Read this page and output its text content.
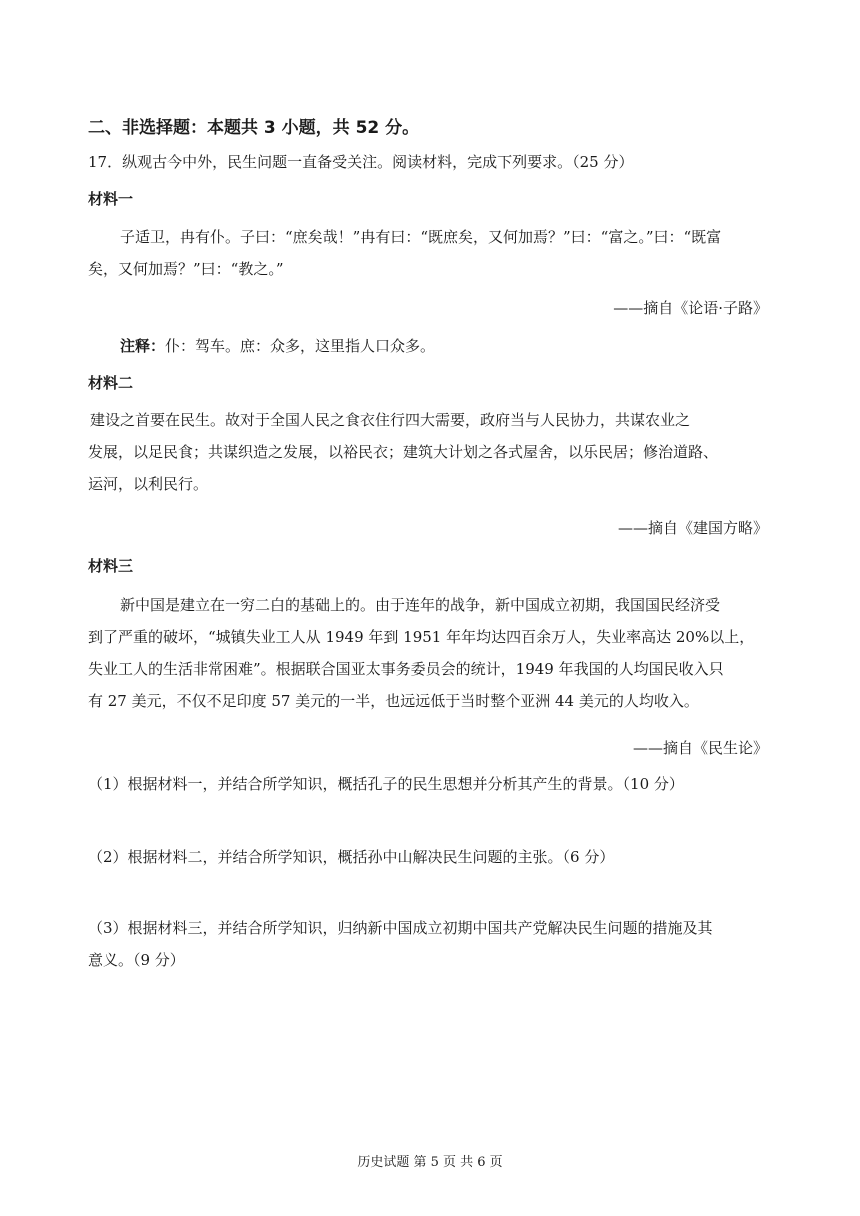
二、非选择题：本题共 3 小题，共 52 分。
17．纵观古今中外，民生问题一直备受关注。阅读材料，完成下列要求。（25 分）
材料一
子适卫，冉有仆。子曰：“庶矣哉！”冉有曰：“既庶矣，又何加焉？”曰：“富之。”曰：“既富
矣，又何加焉？”曰：“教之。”
——摘自《论语·子路》
注释：仆：驾车。庶：众多，这里指人口众多。
材料二
建设之首要在民生。故对于全国人民之食衣住行四大需要，政府当与人民协力，共谋农业之
发展，以足民食；共谋织造之发展，以裕民衣；建筑大计划之各式屋舍，以乐民居；修治道路、
运河，以利民行。
——摘自《建国方略》
材料三
新中国是建立在一穷二白的基础上的。由于连年的战争，新中国成立初期，我国国民经济受
到了严重的破坏，“城镇失业工人从 1949 年到 1951 年年均达四百余万人，失业率高达 20%以上，
失业工人的生活非常困难”。根据联合国亚太事务委员会的统计，1949 年我国的人均国民收入只
有 27 美元，不仅不足印度 57 美元的一半，也远远低于当时整个亚洲 44 美元的人均收入。
——摘自《民生论》
（1）根据材料一，并结合所学知识，概括孔子的民生思想并分析其产生的背景。（10 分）
（2）根据材料二，并结合所学知识，概括孙中山解决民生问题的主张。（6 分）
（3）根据材料三，并结合所学知识，归纳新中国成立初期中国共产党解决民生问题的措施及其
意义。（9 分）
历史试题 第 5 页 共 6 页
